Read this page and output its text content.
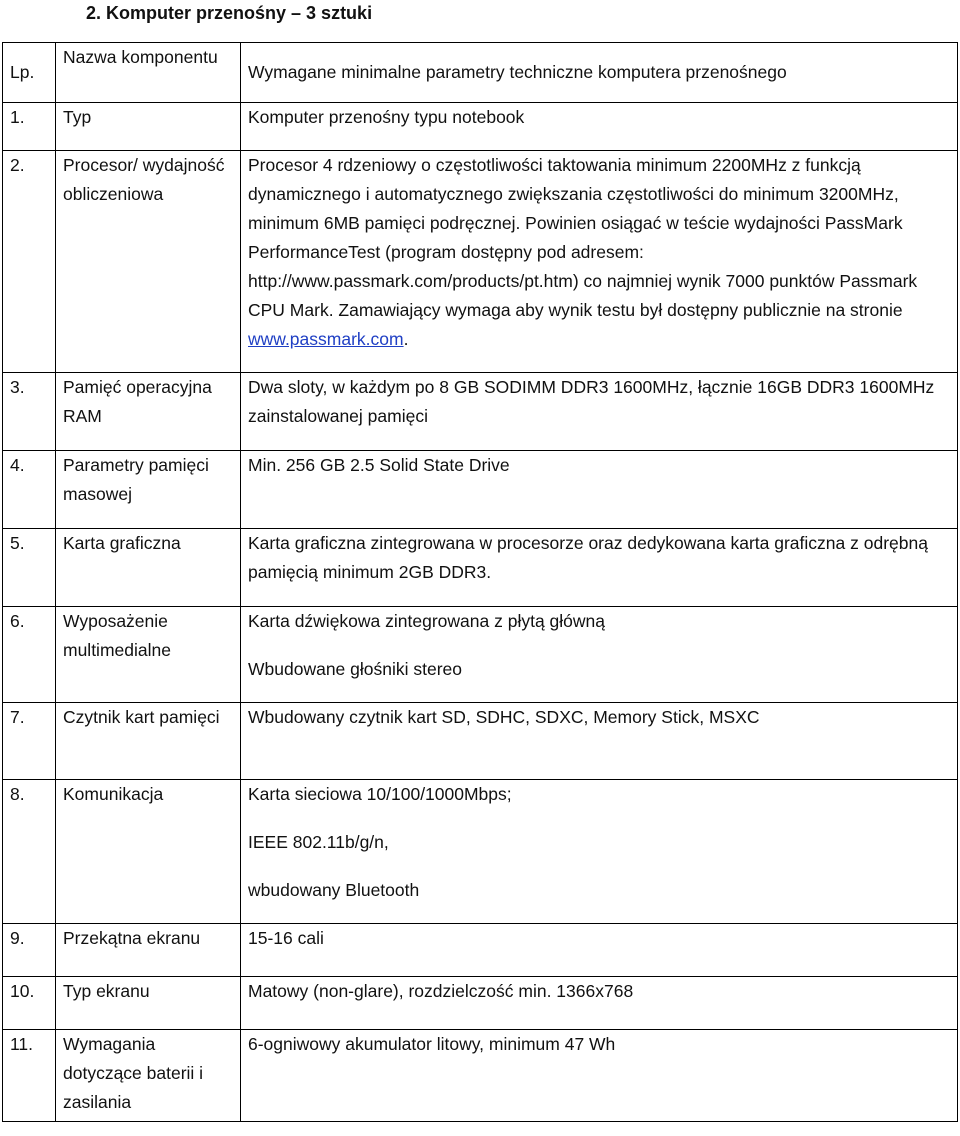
2. Komputer przenośny – 3 sztuki
Lp.	Nazwa komponentu	Wymagane minimalne parametry techniczne komputera przenośnego
1.	Typ	Komputer przenośny typu notebook
2.	Procesor/ wydajność obliczeniowa	Procesor 4 rdzeniowy o częstotliwości taktowania minimum 2200MHz z funkcją dynamicznego i automatycznego zwiększania częstotliwości do minimum 3200MHz, minimum 6MB pamięci podręcznej. Powinien osiągać w teście wydajności PassMark PerformanceTest (program dostępny pod adresem: http://www.passmark.com/products/pt.htm) co najmniej wynik 7000 punktów Passmark CPU Mark. Zamawiający wymaga aby wynik testu był dostępny publicznie na stronie www.passmark.com.
3.	Pamięć operacyjna RAM	Dwa sloty, w każdym po 8 GB SODIMM DDR3 1600MHz, łącznie 16GB DDR3 1600MHz zainstalowanej pamięci
4.	Parametry pamięci masowej	Min. 256 GB 2.5 Solid State Drive
5.	Karta graficzna	Karta graficzna zintegrowana w procesorze oraz dedykowana karta graficzna z odrębną pamięcią minimum 2GB DDR3.
6.	Wyposażenie multimedialne	Karta dźwiękowa zintegrowana z płytą główną
Wbudowane głośniki stereo

7.	Czytnik kart pamięci	Wbudowany czytnik kart SD, SDHC, SDXC, Memory Stick, MSXC
8.	Komunikacja	Karta sieciowa 10/100/1000Mbps;
IEEE 802.11b/g/n,
wbudowany Bluetooth

9.	Przekątna ekranu	15-16 cali
10.	Typ ekranu	Matowy (non-glare), rozdzielczość min. 1366x768
11.	Wymagania dotyczące baterii i zasilania	6-ogniwowy akumulator litowy, minimum 47 Wh
